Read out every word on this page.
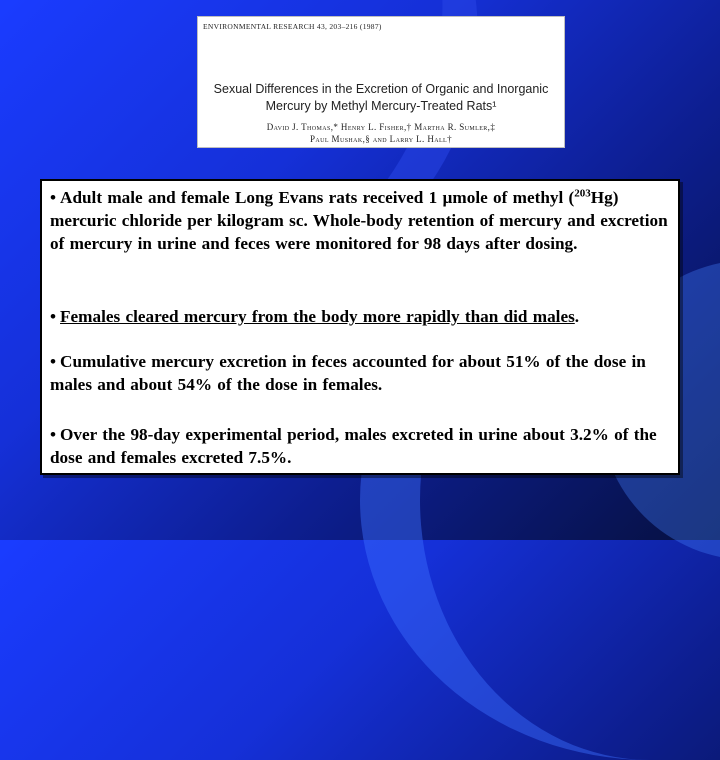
ENVIRONMENTAL RESEARCH 43, 203–216 (1987)
Sexual Differences in the Excretion of Organic and Inorganic
Mercury by Methyl Mercury-Treated Rats¹
David J. Thomas,* Henry L. Fisher,† Martha R. Sumler,‡
Paul Mushak,§ and Larry L. Hall†
• Adult male and female Long Evans rats received 1 µmole of methyl ($^{203}$Hg) mercuric chloride per kilogram sc. Whole-body retention of mercury and excretion of mercury in urine and feces were monitored for 98 days after dosing.
• Females cleared mercury from the body more rapidly than did males.
• Cumulative mercury excretion in feces accounted for about 51% of the dose in males and about 54% of the dose in females.
• Over the 98-day experimental period, males excreted in urine about 3.2% of the dose and females excreted 7.5%.
